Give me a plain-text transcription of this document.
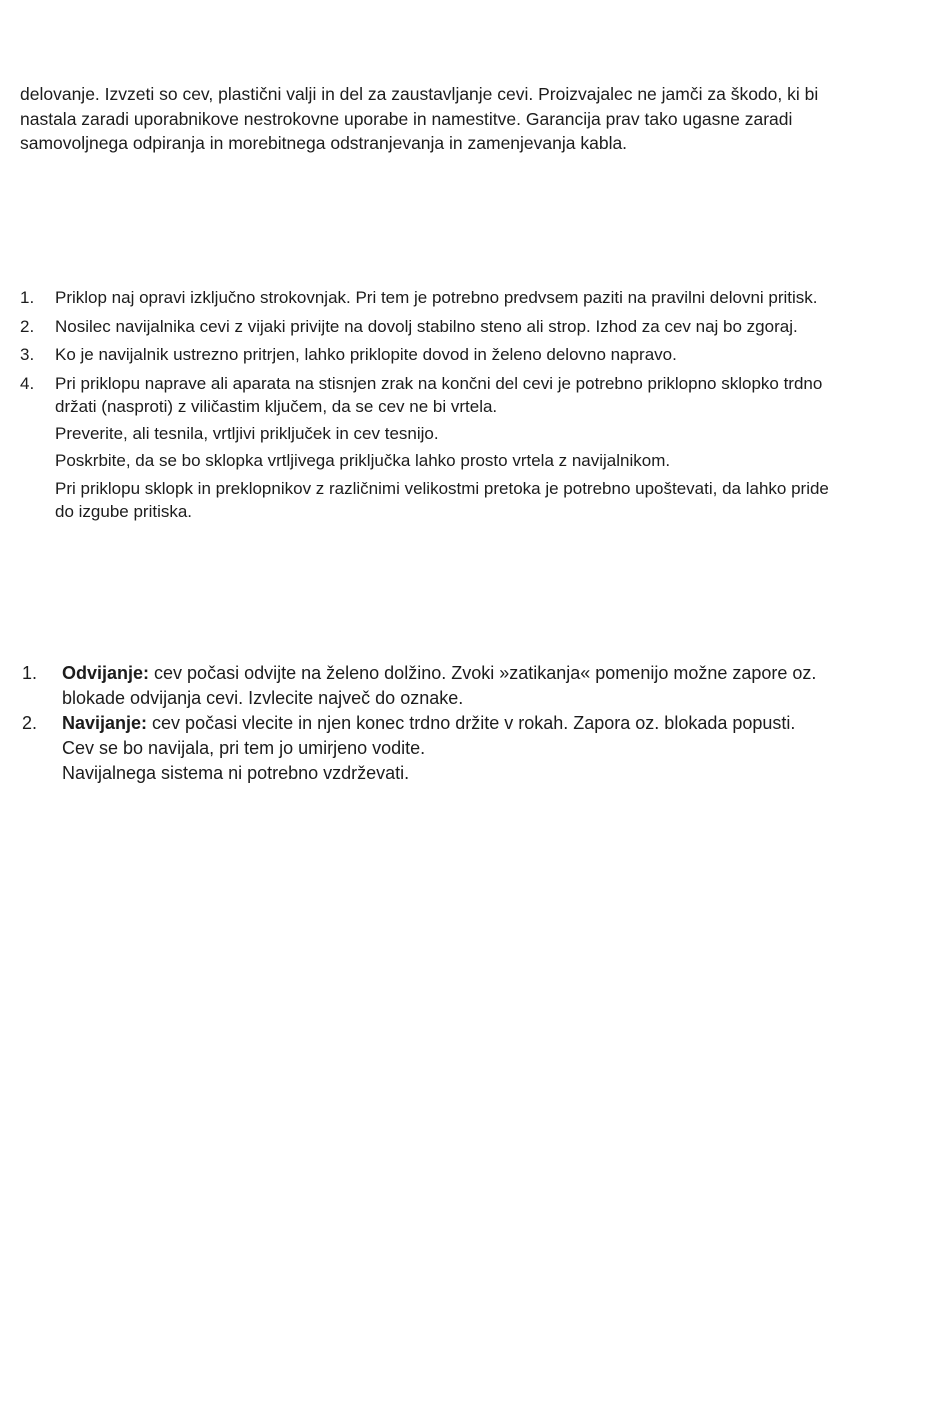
delovanje. Izvzeti so cev, plastični valji in del za zaustavljanje cevi. Proizvajalec ne jamči za škodo, ki bi nastala zaradi uporabnikove nestrokovne uporabe in namestitve. Garancija prav tako ugasne zaradi samovoljnega odpiranja in morebitnega odstranjevanja in zamenjevanja kabla.

1. Priklop naj opravi izključno strokovnjak. Pri tem je potrebno predvsem paziti na pravilni delovni pritisk.
2. Nosilec navijalnika cevi z vijaki privijte na dovolj stabilno steno ali strop. Izhod za cev naj bo zgoraj.
3. Ko je navijalnik ustrezno pritrjen, lahko priklopite dovod in želeno delovno napravo.
4. Pri priklopu naprave ali aparata na stisnjen zrak na končni del cevi je potrebno priklopno sklopko trdno držati (nasproti) z viličastim ključem, da se cev ne bi vrtela.
Preverite, ali tesnila, vrtljivi priključek in cev tesnijo.
Poskrbite, da se bo sklopka vrtljivega priključka lahko prosto vrtela z navijalnikom.
Pri priklopu sklopk in preklopnikov z različnimi velikostmi pretoka je potrebno upoštevati, da lahko pride do izgube pritiska.
1. Odvijanje: cev počasi odvijte na želeno dolžino. Zvoki »zatikanja« pomenijo možne zapore oz. blokade odvijanja cevi. Izvlecite največ do oznake.
2. Navijanje: cev počasi vlecite in njen konec trdno držite v rokah. Zapora oz. blokada popusti.
Cev se bo navijala, pri tem jo umirjeno vodite.
Navijalnega sistema ni potrebno vzdrževati.
